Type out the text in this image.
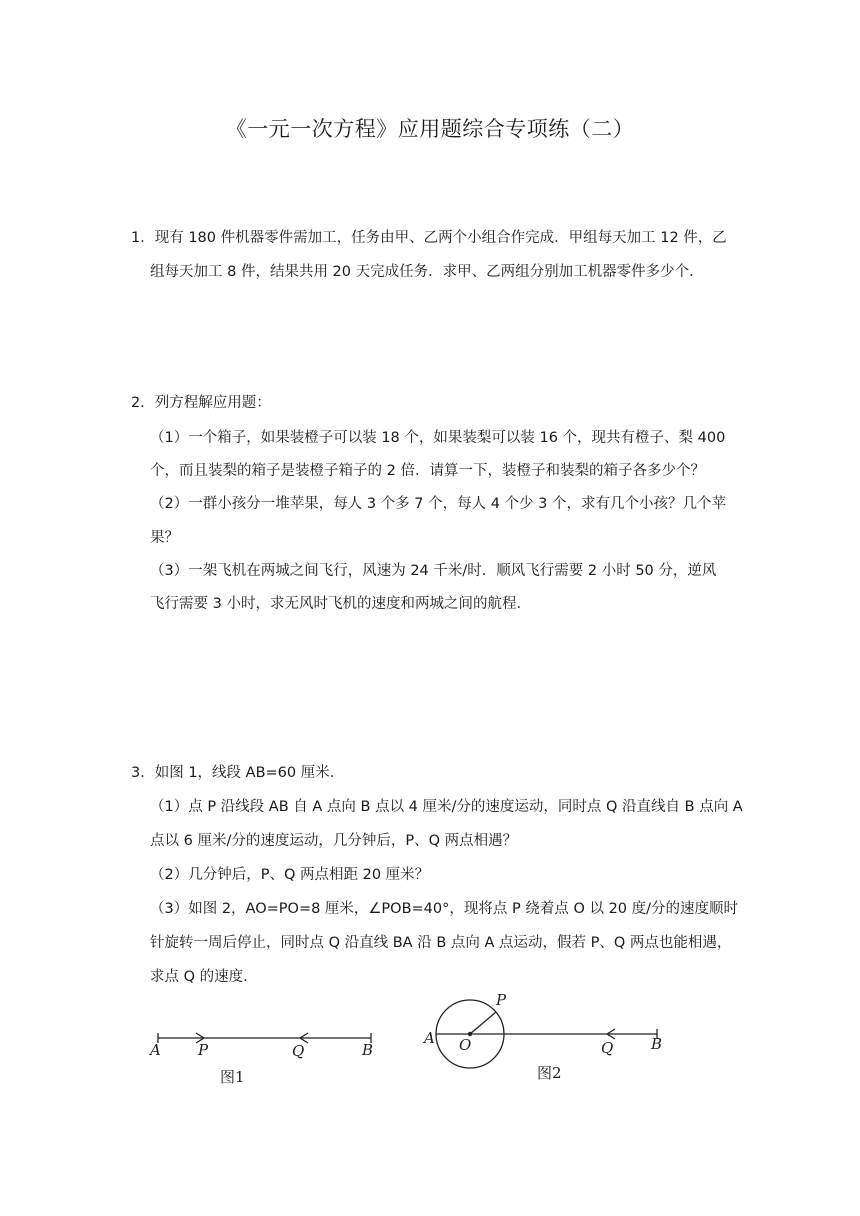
《一元一次方程》应用题综合专项练（二）
1．现有 180 件机器零件需加工，任务由甲、乙两个小组合作完成．甲组每天加工 12 件，乙
组每天加工 8 件，结果共用 20 天完成任务．求甲、乙两组分别加工机器零件多少个．
2．列方程解应用题：
（1）一个箱子，如果装橙子可以装 18 个，如果装梨可以装 16 个，现共有橙子、梨 400
个，而且装梨的箱子是装橙子箱子的 2 倍．请算一下，装橙子和装梨的箱子各多少个？
（2）一群小孩分一堆苹果，每人 3 个多 7 个，每人 4 个少 3 个，求有几个小孩？几个苹
果？
（3）一架飞机在两城之间飞行，风速为 24 千米/时．顺风飞行需要 2 小时 50 分，逆风
飞行需要 3 小时，求无风时飞机的速度和两城之间的航程．
3．如图 1，线段 AB=60 厘米．
（1）点 P 沿线段 AB 自 A 点向 B 点以 4 厘米/分的速度运动，同时点 Q 沿直线自 B 点向 A
点以 6 厘米/分的速度运动，几分钟后，P、Q 两点相遇？
（2）几分钟后，P、Q 两点相距 20 厘米？
（3）如图 2，AO=PO=8 厘米，∠POB=40°，现将点 P 绕着点 O 以 20 度/分的速度顺时
针旋转一周后停止，同时点 Q 沿直线 BA 沿 B 点向 A 点运动，假若 P、Q 两点也能相遇，
求点 Q 的速度．
A P	Q	B
图1
A O
P
Q	B
图2
